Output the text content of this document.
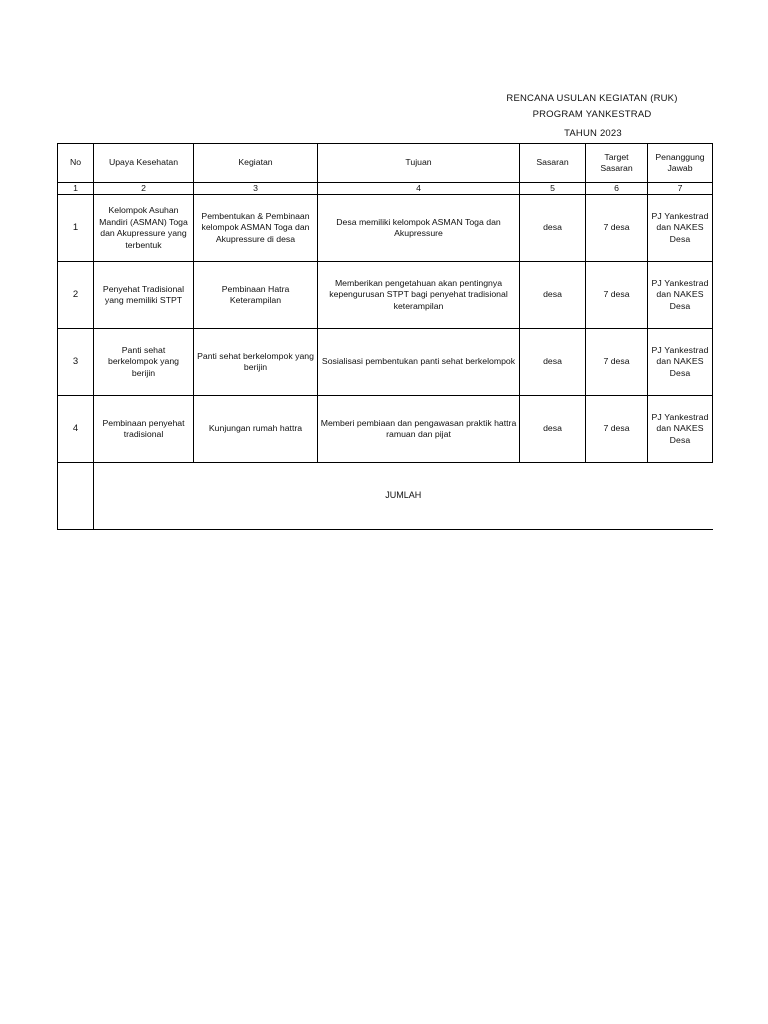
RENCANA USULAN KEGIATAN (RUK)
PROGRAM YANKESTRAD
TAHUN 2023
No	Upaya Kesehatan	Kegiatan	Tujuan	Sasaran	Target Sasaran	Penanggung Jawab
1	2	3	4	5	6	7
1	Kelompok Asuhan Mandiri (ASMAN) Toga dan Akupressure yang terbentuk	Pembentukan & Pembinaan kelompok ASMAN Toga dan Akupressure di desa	Desa memiliki kelompok ASMAN Toga dan Akupressure	desa	7 desa	PJ Yankestrad dan NAKES Desa
2	Penyehat Tradisional yang memiliki STPT	Pembinaan Hatra Keterampilan	Memberikan pengetahuan akan pentingnya kepengurusan STPT bagi penyehat tradisional keterampilan	desa	7 desa	PJ Yankestrad dan NAKES Desa
3	Panti sehat berkelompok yang berijin	Panti sehat berkelompok yang berijin	Sosialisasi pembentukan panti sehat berkelompok	desa	7 desa	PJ Yankestrad dan NAKES Desa
4	Pembinaan penyehat tradisional	Kunjungan rumah hattra	Memberi pembiaan dan pengawasan praktik hattra ramuan dan pijat	desa	7 desa	PJ Yankestrad dan NAKES Desa
	JUMLAH					
